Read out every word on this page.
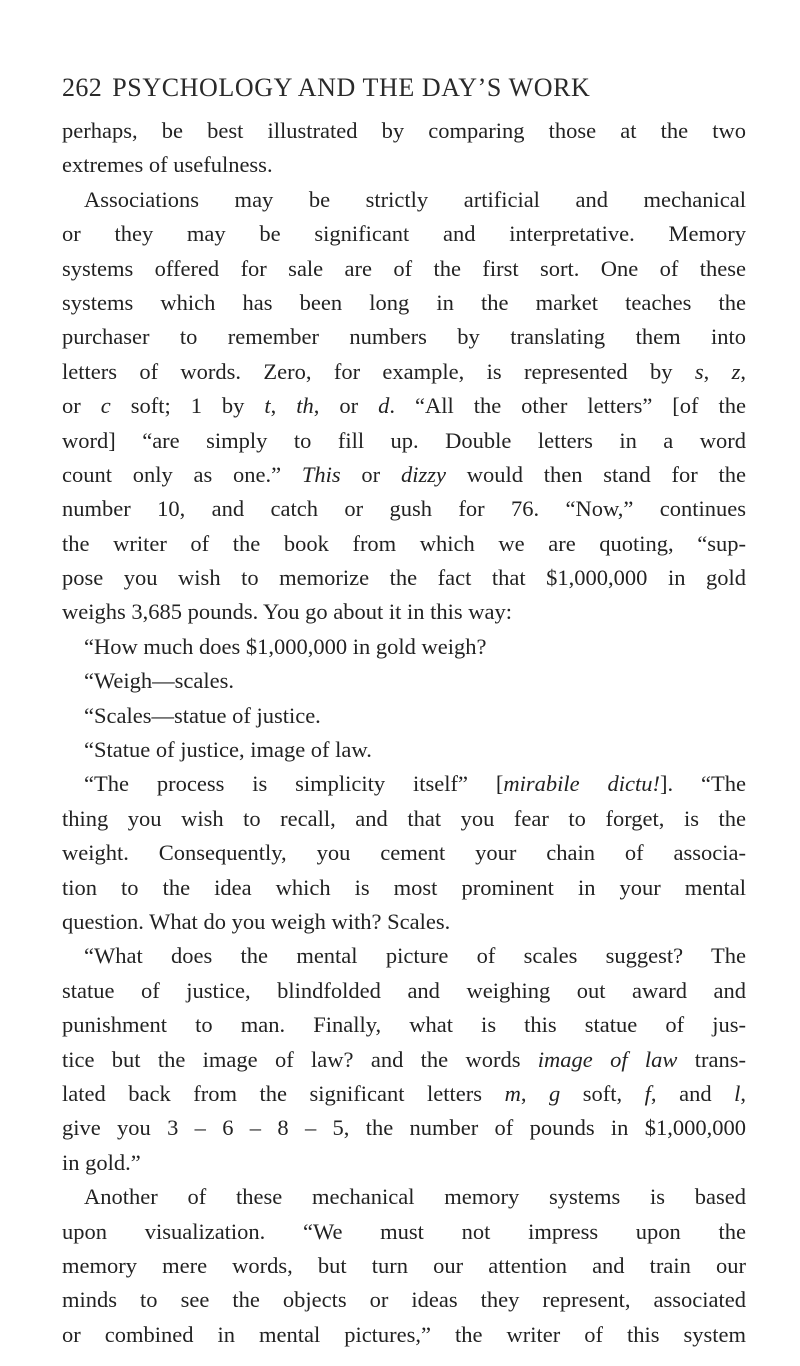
262 PSYCHOLOGY AND THE DAY’S WORK
perhaps, be best illustrated by comparing those at the two
extremes of usefulness.
Associations may be strictly artificial and mechanical
or they may be significant and interpretative. Memory
systems offered for sale are of the first sort. One of these
systems which has been long in the market teaches the
purchaser to remember numbers by translating them into
letters of words. Zero, for example, is represented by s, z,
or c soft; 1 by t, th, or d. “All the other letters” [of the
word] “are simply to fill up. Double letters in a word
count only as one.” This or dizzy would then stand for the
number 10, and catch or gush for 76. “Now,” continues
the writer of the book from which we are quoting, “sup-
pose you wish to memorize the fact that $1,000,000 in gold
weighs 3,685 pounds. You go about it in this way:
“How much does $1,000,000 in gold weigh?
“Weigh—scales.
“Scales—statue of justice.
“Statue of justice, image of law.
“The process is simplicity itself” [mirabile dictu!]. “The
thing you wish to recall, and that you fear to forget, is the
weight. Consequently, you cement your chain of associa-
tion to the idea which is most prominent in your mental
question. What do you weigh with? Scales.
“What does the mental picture of scales suggest? The
statue of justice, blindfolded and weighing out award and
punishment to man. Finally, what is this statue of jus-
tice but the image of law? and the words image of law trans-
lated back from the significant letters m, g soft, f, and l,
give you 3 – 6 – 8 – 5, the number of pounds in $1,000,000
in gold.”
Another of these mechanical memory systems is based
upon visualization. “We must not impress upon the
memory mere words, but turn our attention and train our
minds to see the objects or ideas they represent, associated
or combined in mental pictures,” the writer of this system
